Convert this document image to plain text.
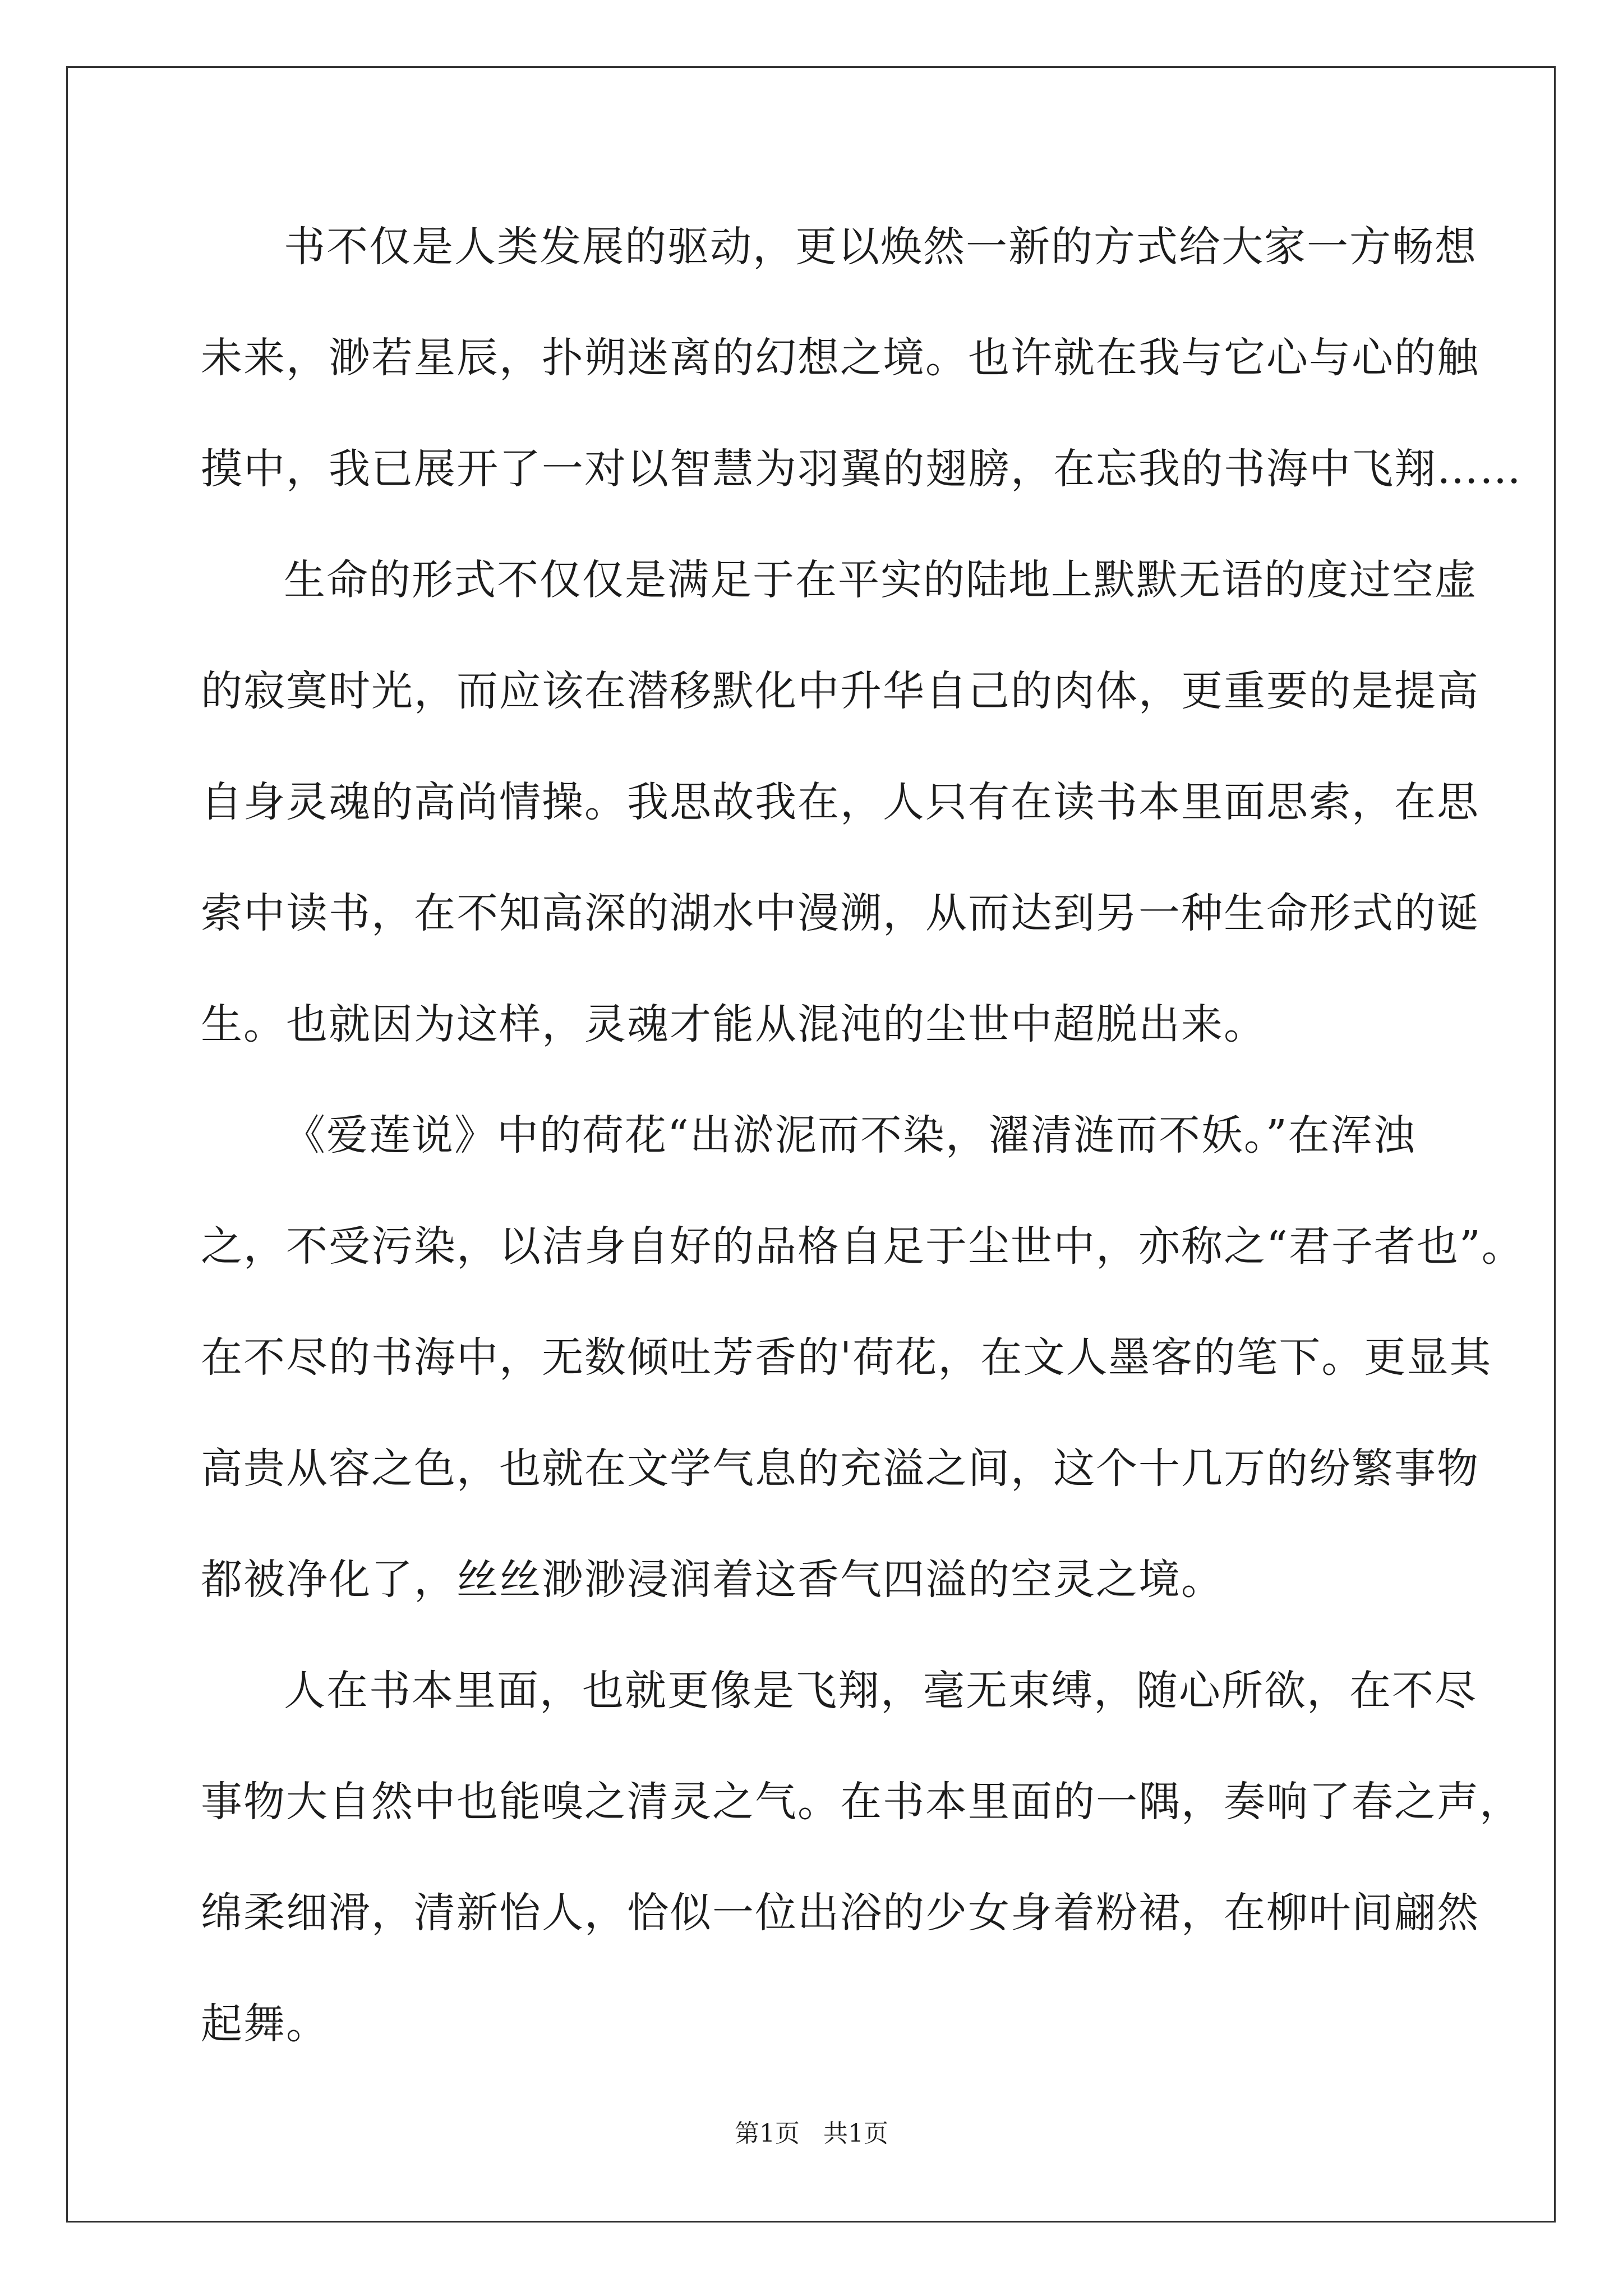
书不仅是人类发展的驱动，更以焕然一新的方式给大家一方畅想
未来，渺若星辰，扑朔迷离的幻想之境。也许就在我与它心与心的触
摸中，我已展开了一对以智慧为羽翼的翅膀，在忘我的书海中飞翔……
生命的形式不仅仅是满足于在平实的陆地上默默无语的度过空虚
的寂寞时光，而应该在潜移默化中升华自己的肉体，更重要的是提高
自身灵魂的高尚情操。我思故我在，人只有在读书本里面思索，在思
索中读书，在不知高深的湖水中漫溯，从而达到另一种生命形式的诞
生。也就因为这样，灵魂才能从混沌的尘世中超脱出来。
《爱莲说》中的荷花“出淤泥而不染，濯清涟而不妖。”在浑浊
之，不受污染，以洁身自好的品格自足于尘世中，亦称之“君子者也”。
在不尽的书海中，无数倾吐芳香的'荷花，在文人墨客的笔下。更显其
高贵从容之色，也就在文学气息的充溢之间，这个十几万的纷繁事物
都被净化了，丝丝渺渺浸润着这香气四溢的空灵之境。
人在书本里面，也就更像是飞翔，毫无束缚，随心所欲，在不尽
事物大自然中也能嗅之清灵之气。在书本里面的一隅，奏响了春之声，
绵柔细滑，清新怡人，恰似一位出浴的少女身着粉裙，在柳叶间翩然
起舞。
第1页 共1页
